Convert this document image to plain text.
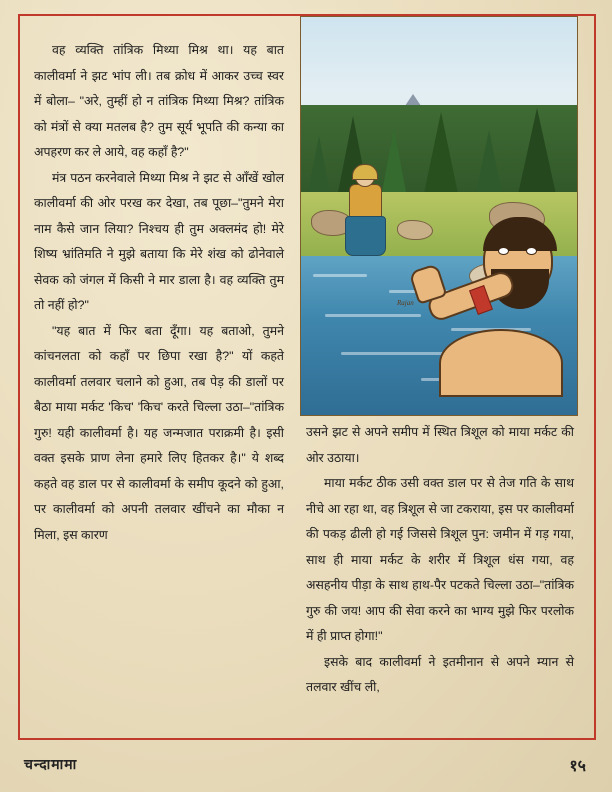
Rajan

वह व्यक्ति तांत्रिक मिथ्या मिश्र था। यह बात कालीवर्मा ने झट भांप ली। तब क्रोध में आकर उच्च स्वर में बोला– "अरे, तुम्हीं हो न तांत्रिक मिथ्या मिश्र? तांत्रिक को मंत्रों से क्या मतलब है? तुम सूर्य भूपति की कन्या का अपहरण कर ले आये, वह कहाँ है?"

मंत्र पठन करनेवाले मिथ्या मिश्र ने झट से आँखें खोल कालीवर्मा की ओर परख कर देखा, तब पूछा–"तुमने मेरा नाम कैसे जान लिया? निश्चय ही तुम अक्लमंद हो! मेरे शिष्य भ्रांतिमति ने मुझे बताया कि मेरे शंख को ढोनेवाले सेवक को जंगल में किसी ने मार डाला है। वह व्यक्ति तुम तो नहीं हो?"

"यह बात में फिर बता दूँगा। यह बताओ, तुमने कांचनलता को कहाँ पर छिपा रखा है?" यों कहते कालीवर्मा तलवार चलाने को हुआ, तब पेड़ की डालों पर बैठा माया मर्कट 'किच' 'किच' करते चिल्ला उठा–"तांत्रिक गुरु! यही कालीवर्मा है। यह जन्मजात पराक्रमी है। इसी वक्त इसके प्राण लेना हमारे लिए हितकर है।" ये शब्द कहते वह डाल पर से कालीवर्मा के समीप कूदने को हुआ, पर कालीवर्मा को अपनी तलवार खींचने का मौका न मिला, इस कारण

उसने झट से अपने समीप में स्थित त्रिशूल को माया मर्कट की ओर उठाया।

माया मर्कट ठीक उसी वक्त डाल पर से तेज गति के साथ नीचे आ रहा था, वह त्रिशूल से जा टकराया, इस पर कालीवर्मा की पकड़ ढीली हो गई जिससे त्रिशूल पुन: जमीन में गड़ गया, साथ ही माया मर्कट के शरीर में त्रिशूल धंस गया, वह असहनीय पीड़ा के साथ हाथ-पैर पटकते चिल्ला उठा–"तांत्रिक गुरु की जय! आप की सेवा करने का भाग्य मुझे फिर परलोक में ही प्राप्त होगा!"

इसके बाद कालीवर्मा ने इतमीनान से अपने म्यान से तलवार खींच ली,

चन्दामामा	१५
